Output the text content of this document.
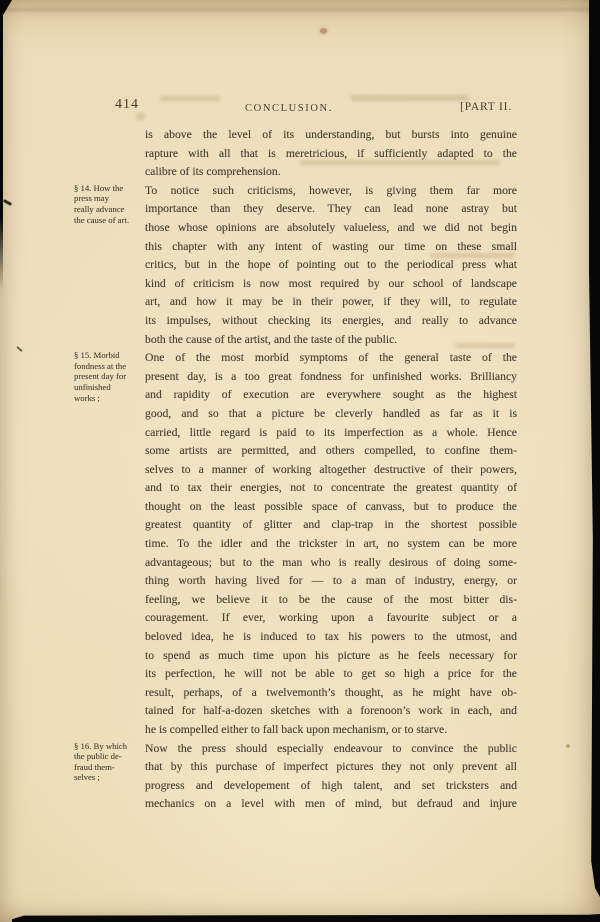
414	CONCLUSION.	[PART II.
is above the level of its understanding, but bursts into genuine
rapture with all that is meretricious, if sufficiently adapted to the
calibre of its comprehension.
§ 14. How the
press may
really advance
the cause of art.
To notice such criticisms, however, is giving them far more
importance than they deserve. They can lead none astray but
those whose opinions are absolutely valueless, and we did not begin
this chapter with any intent of wasting our time on these small
critics, but in the hope of pointing out to the periodical press what
kind of criticism is now most required by our school of landscape
art, and how it may be in their power, if they will, to regulate
its impulses, without checking its energies, and really to advance
both the cause of the artist, and the taste of the public.
§ 15. Morbid
fondness at the
present day for
unfinished
works ;
One of the most morbid symptoms of the general taste of the
present day, is a too great fondness for unfinished works. Brilliancy
and rapidity of execution are everywhere sought as the highest
good, and so that a picture be cleverly handled as far as it is
carried, little regard is paid to its imperfection as a whole. Hence
some artists are permitted, and others compelled, to confine them-
selves to a manner of working altogether destructive of their powers,
and to tax their energies, not to concentrate the greatest quantity of
thought on the least possible space of canvass, but to produce the
greatest quantity of glitter and clap-trap in the shortest possible
time. To the idler and the trickster in art, no system can be more
advantageous; but to the man who is really desirous of doing some-
thing worth having lived for — to a man of industry, energy, or
feeling, we believe it to be the cause of the most bitter dis-
couragement. If ever, working upon a favourite subject or a
beloved idea, he is induced to tax his powers to the utmost, and
to spend as much time upon his picture as he feels necessary for
its perfection, he will not be able to get so high a price for the
result, perhaps, of a twelvemonth’s thought, as he might have ob-
tained for half-a-dozen sketches with a forenoon’s work in each, and
he is compelled either to fall back upon mechanism, or to starve.
§ 16. By which
the public de-
fraud them-
selves ;
Now the press should especially endeavour to convince the public
that by this purchase of imperfect pictures they not only prevent all
progress and developement of high talent, and set tricksters and
mechanics on a level with men of mind, but defraud and injure
